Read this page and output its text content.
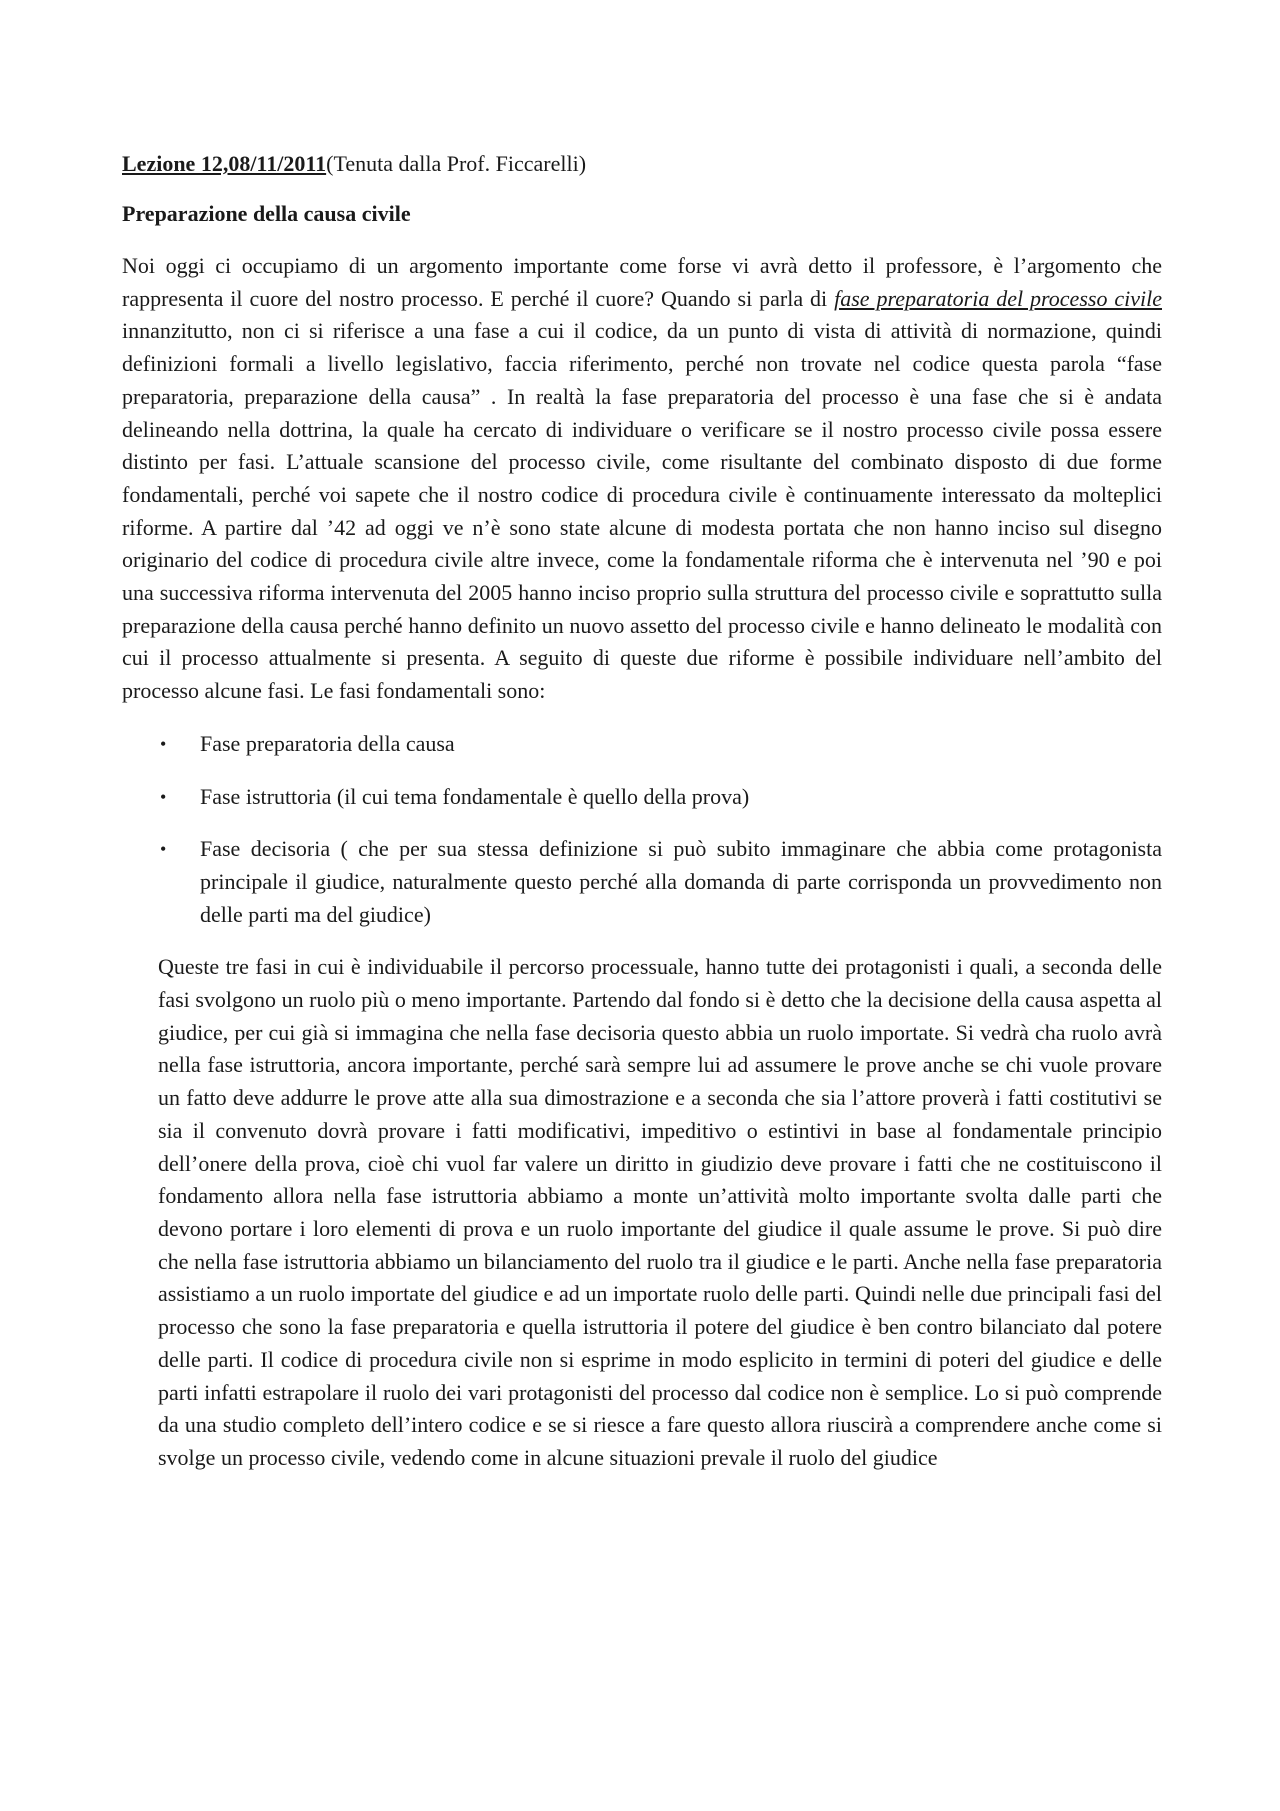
Lezione 12,08/11/2011(Tenuta dalla Prof. Ficcarelli)

Preparazione della causa civile

Noi oggi ci occupiamo di un argomento importante come forse vi avrà detto il professore, è l’argomento che rappresenta il cuore del nostro processo. E perché il cuore? Quando si parla di fase preparatoria del processo civile innanzitutto, non ci si riferisce a una fase a cui il codice, da un punto di vista di attività di normazione, quindi definizioni formali a livello legislativo, faccia riferimento, perché non trovate nel codice questa parola “fase preparatoria, preparazione della causa” . In realtà la fase preparatoria del processo è una fase che si è andata delineando nella dottrina, la quale ha cercato di individuare o verificare se il nostro processo civile possa essere distinto per fasi. L’attuale scansione del processo civile, come risultante del combinato disposto di due forme fondamentali, perché voi sapete che il nostro codice di procedura civile è continuamente interessato da molteplici riforme. A partire dal ’42 ad oggi ve n’è sono state alcune di modesta portata che non hanno inciso sul disegno originario del codice di procedura civile altre invece, come la fondamentale riforma che è intervenuta nel ’90 e poi una successiva riforma intervenuta del 2005 hanno inciso proprio sulla struttura del processo civile e soprattutto sulla preparazione della causa perché hanno definito un nuovo assetto del processo civile e hanno delineato le modalità con cui il processo attualmente si presenta. A seguito di queste due riforme è possibile individuare nell’ambito del processo alcune fasi. Le fasi fondamentali sono:

• Fase preparatoria della causa
• Fase istruttoria (il cui tema fondamentale è quello della prova)
• Fase decisoria ( che per sua stessa definizione si può subito immaginare che abbia come protagonista principale il giudice, naturalmente questo perché alla domanda di parte corrisponda un provvedimento non delle parti ma del giudice)

Queste tre fasi in cui è individuabile il percorso processuale, hanno tutte dei protagonisti i quali, a seconda delle fasi svolgono un ruolo più o meno importante. Partendo dal fondo si è detto che la decisione della causa aspetta al giudice, per cui già si immagina che nella fase decisoria questo abbia un ruolo importate. Si vedrà cha ruolo avrà nella fase istruttoria, ancora importante, perché sarà sempre lui ad assumere le prove anche se chi vuole provare un fatto deve addurre le prove atte alla sua dimostrazione e a seconda che sia l’attore proverà i fatti costitutivi se sia il convenuto dovrà provare i fatti modificativi, impeditivo o estintivi in base al fondamentale principio dell’onere della prova, cioè chi vuol far valere un diritto in giudizio deve provare i fatti che ne costituiscono il fondamento allora nella fase istruttoria abbiamo a monte un’attività molto importante svolta dalle parti che devono portare i loro elementi di prova e un ruolo importante del giudice il quale assume le prove. Si può dire che nella fase istruttoria abbiamo un bilanciamento del ruolo tra il giudice e le parti. Anche nella fase preparatoria assistiamo a un ruolo importate del giudice e ad un importate ruolo delle parti. Quindi nelle due principali fasi del processo che sono la fase preparatoria e quella istruttoria il potere del giudice è ben contro bilanciato dal potere delle parti. Il codice di procedura civile non si esprime in modo esplicito in termini di poteri del giudice e delle parti infatti estrapolare il ruolo dei vari protagonisti del processo dal codice non è semplice. Lo si può comprende da una studio completo dell’intero codice e se si riesce a fare questo allora riuscirà a comprendere anche come si svolge un processo civile, vedendo come in alcune situazioni prevale il ruolo del giudice
